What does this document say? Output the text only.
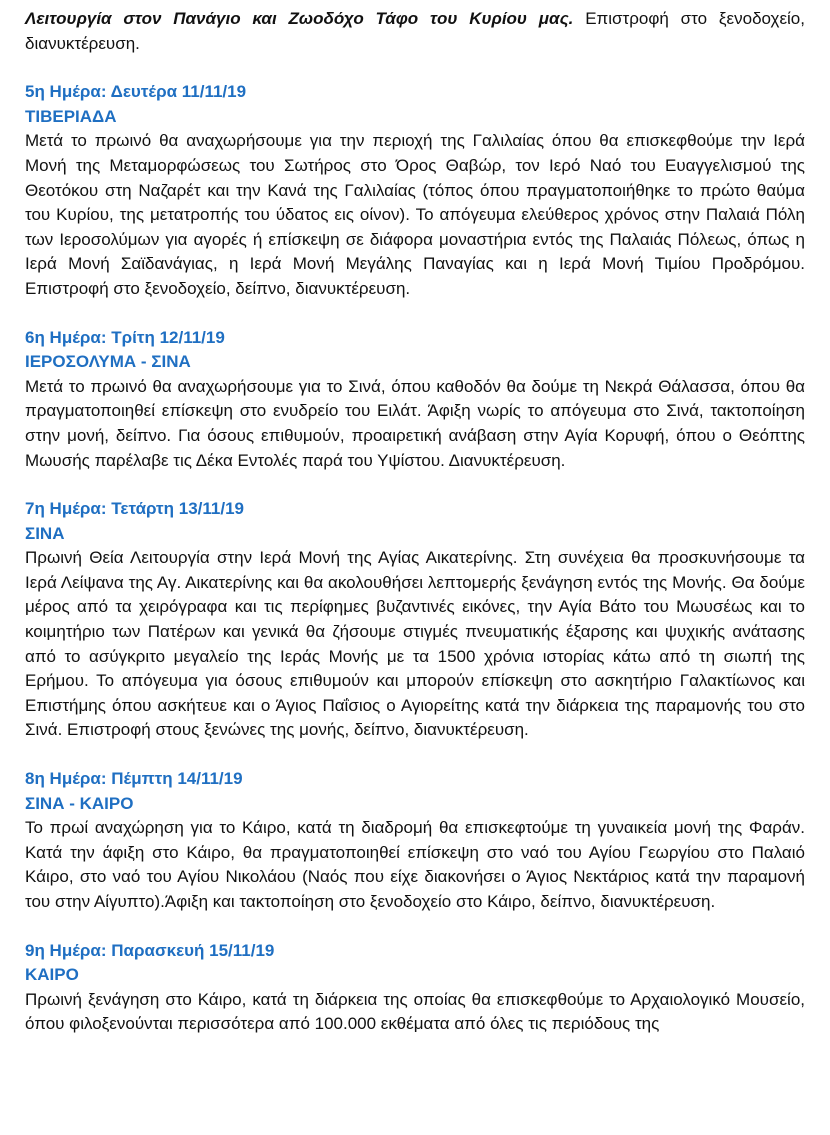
Λειτουργία στον Πανάγιο και Ζωοδόχο Τάφο του Κυρίου μας. Επιστροφή στο ξενοδοχείο, διανυκτέρευση.

5η Ημέρα: Δευτέρα 11/11/19
ΤΙΒΕΡΙΑΔΑ

Μετά το πρωινό θα αναχωρήσουμε για την περιοχή της Γαλιλαίας όπου θα επισκεφθούμε την Ιερά Μονή της Μεταμορφώσεως του Σωτήρος στο Όρος Θαβώρ, τον Ιερό Ναό του Ευαγγελισμού της Θεοτόκου στη Ναζαρέτ και την Κανά της Γαλιλαίας (τόπος όπου πραγματοποιήθηκε το πρώτο θαύμα του Κυρίου, της μετατροπής του ύδατος εις οίνον). Το απόγευμα ελεύθερος χρόνος στην Παλαιά Πόλη των Ιεροσολύμων για αγορές ή επίσκεψη σε διάφορα μοναστήρια εντός της Παλαιάς Πόλεως, όπως η Ιερά Μονή Σαϊδανάγιας, η Ιερά Μονή Μεγάλης Παναγίας και η Ιερά Μονή Τιμίου Προδρόμου. Επιστροφή στο ξενοδοχείο, δείπνο, διανυκτέρευση.

6η Ημέρα: Τρίτη 12/11/19
ΙΕΡΟΣΟΛΥΜΑ - ΣΙΝΑ

Μετά το πρωινό θα αναχωρήσουμε για το Σινά, όπου καθοδόν θα δούμε τη Νεκρά Θάλασσα, όπου θα πραγματοποιηθεί επίσκεψη στο ενυδρείο του Ειλάτ. Άφιξη νωρίς το απόγευμα στο Σινά, τακτοποίηση στην μονή, δείπνο. Για όσους επιθυμούν, προαιρετική ανάβαση στην Αγία Κορυφή, όπου ο Θεόπτης Μωυσής παρέλαβε τις Δέκα Εντολές παρά του Υψίστου. Διανυκτέρευση.

7η Ημέρα: Τετάρτη 13/11/19
ΣΙΝΑ

Πρωινή Θεία Λειτουργία στην Ιερά Μονή της Αγίας Αικατερίνης. Στη συνέχεια θα προσκυνήσουμε τα Ιερά Λείψανα της Αγ. Αικατερίνης και θα ακολουθήσει λεπτομερής ξενάγηση εντός της Μονής. Θα δούμε μέρος από τα χειρόγραφα και τις περίφημες βυζαντινές εικόνες, την Αγία Βάτο του Μωυσέως και το κοιμητήριο των Πατέρων και γενικά θα ζήσουμε στιγμές πνευματικής έξαρσης και ψυχικής ανάτασης από το ασύγκριτο μεγαλείο της Ιεράς Μονής με τα 1500 χρόνια ιστορίας κάτω από τη σιωπή της Ερήμου. Το απόγευμα για όσους επιθυμούν και μπορούν επίσκεψη στο ασκητήριο Γαλακτίωνος και Επιστήμης όπου ασκήτευε και ο Άγιος Παΐσιος ο Αγιορείτης κατά την διάρκεια της παραμονής του στο Σινά. Επιστροφή στους ξενώνες της μονής, δείπνο, διανυκτέρευση.

8η Ημέρα: Πέμπτη 14/11/19
ΣΙΝΑ - ΚΑΙΡΟ

Το πρωί αναχώρηση για το Κάιρο, κατά τη διαδρομή θα επισκεφτούμε τη γυναικεία μονή της Φαράν. Κατά την άφιξη στο Κάιρο, θα πραγματοποιηθεί επίσκεψη στο ναό του Αγίου Γεωργίου στο Παλαιό Κάιρο, στο ναό του Αγίου Νικολάου (Ναός που είχε διακονήσει ο Άγιος Νεκτάριος κατά την παραμονή του στην Αίγυπτο).Άφιξη και τακτοποίηση στο ξενοδοχείο στο Κάιρο, δείπνο, διανυκτέρευση.

9η Ημέρα: Παρασκευή 15/11/19
ΚΑΙΡΟ

Πρωινή ξενάγηση στο Κάιρο, κατά τη διάρκεια της οποίας θα επισκεφθούμε το Αρχαιολογικό Μουσείο, όπου φιλοξενούνται περισσότερα από 100.000 εκθέματα από όλες τις περιόδους της
